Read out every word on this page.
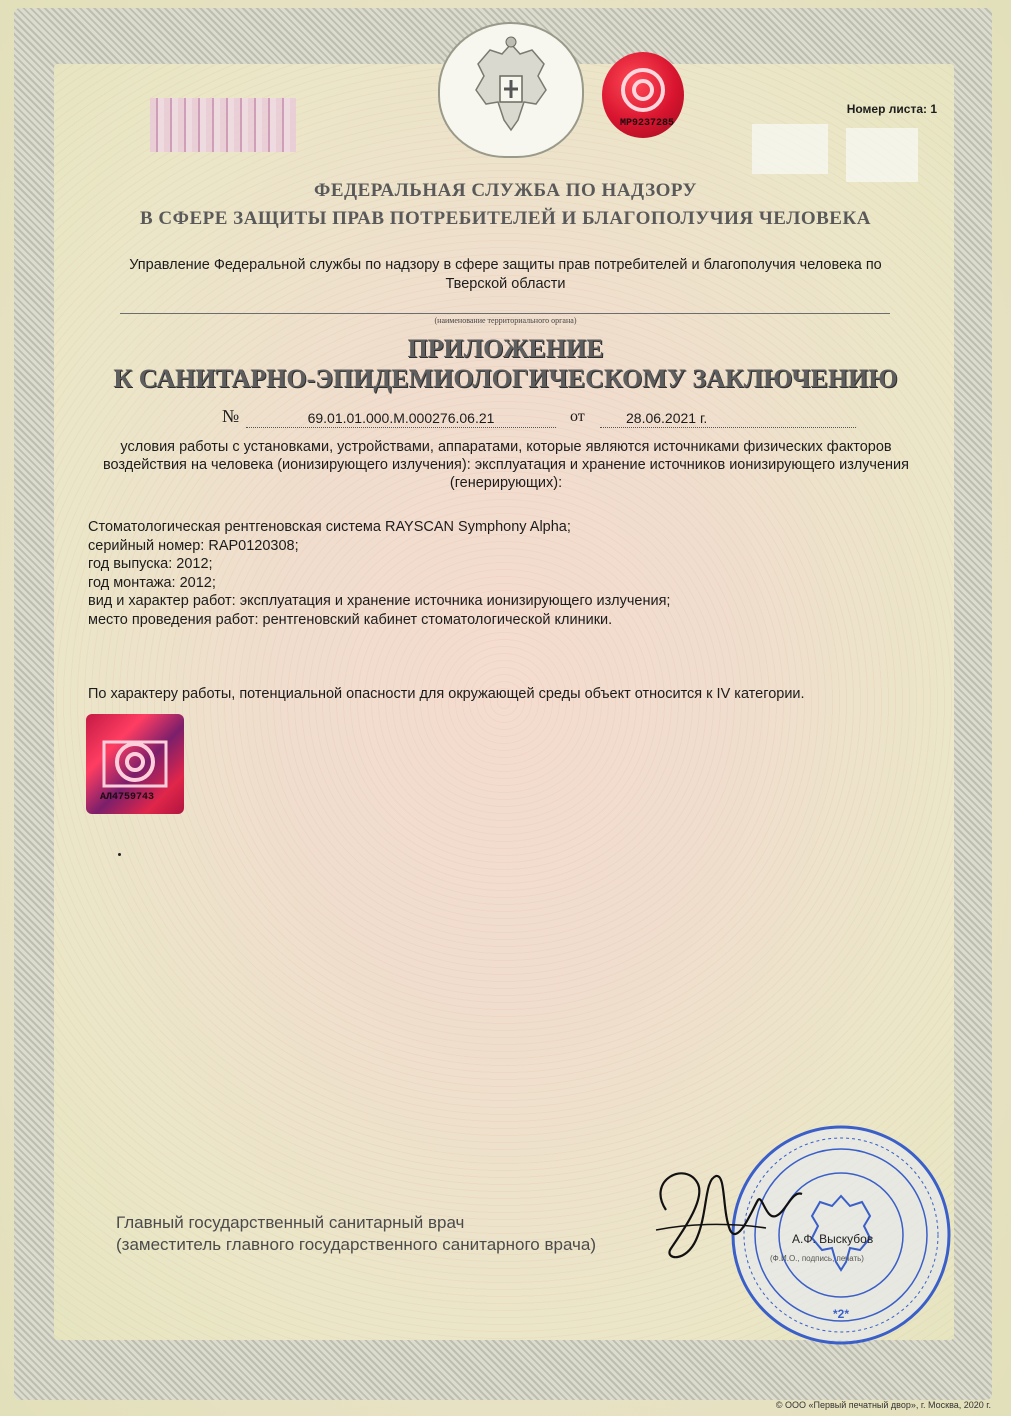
МР9237285
Номер листа: 1
ФЕДЕРАЛЬНАЯ СЛУЖБА ПО НАДЗОРУ
В СФЕРЕ ЗАЩИТЫ ПРАВ ПОТРЕБИТЕЛЕЙ И БЛАГОПОЛУЧИЯ ЧЕЛОВЕКА
Управление Федеральной службы по надзору в сфере защиты прав потребителей и благополучия человека по Тверской области
(наименование территориального органа)
ПРИЛОЖЕНИЕ
К САНИТАРНО-ЭПИДЕМИОЛОГИЧЕСКОМУ ЗАКЛЮЧЕНИЮ
№	69.01.01.000.М.000276.06.21	от	28.06.2021 г.
условия работы с установками, устройствами, аппаратами, которые являются источниками физических факторов воздействия на человека (ионизирующего излучения): эксплуатация и хранение источников ионизирующего излучения (генерирующих):
Стоматологическая рентгеновская система RAYSCAN Symphony Alpha;
серийный номер: RAP0120308;
год выпуска: 2012;
год монтажа: 2012;
вид и характер работ: эксплуатация и хранение источника ионизирующего излучения;
место проведения работ: рентгеновский кабинет стоматологической клиники.
По характеру работы, потенциальной опасности для окружающей среды объект относится к IV категории.
АЛ4759743
Главный государственный санитарный врач
(заместитель главного государственного санитарного врача)
*2*
А.Ф. Выскубов
(Ф.И.О., подпись, печать)
© ООО «Первый печатный двор», г. Москва, 2020 г.
